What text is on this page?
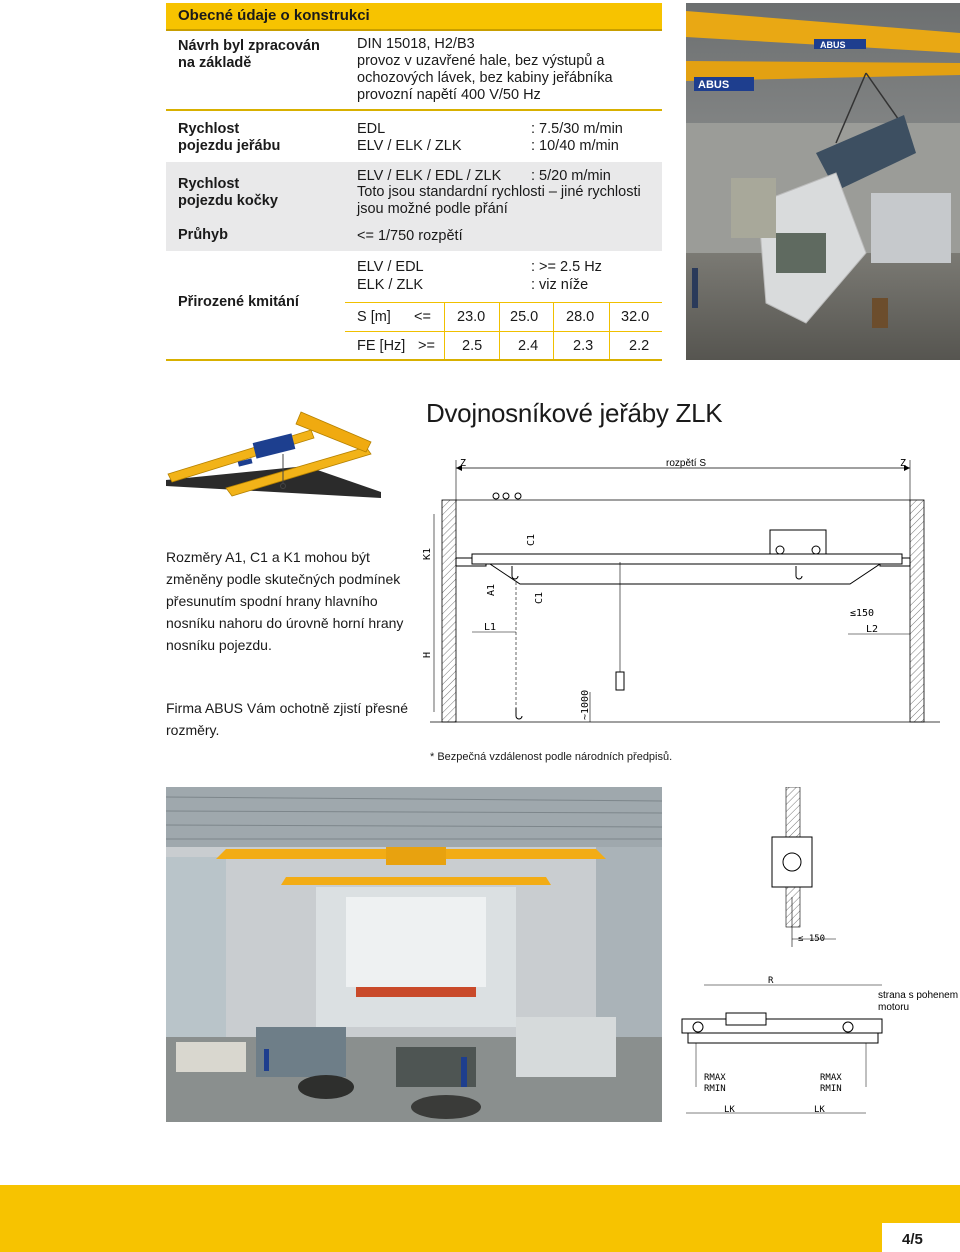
Obecné údaje o konstrukci
Návrh byl zpracován
na základě
DIN 15018, H2/B3
provoz v uzavřené hale, bez výstupů a
ochozových lávek, bez kabiny jeřábníka
provozní napětí 400 V/50 Hz
Rychlost
pojezdu jeřábu
EDL	: 7.5/30 m/min
ELV / ELK / ZLK	: 10/40 m/min
Rychlost
pojezdu kočky
ELV / ELK / EDL / ZLK : 5/20 m/min
Toto jsou standardní rychlosti – jiné rychlosti
jsou možné podle přání
Průhyb	<= 1/750 rozpětí
Přirozené kmitání
ELV / EDL	: >= 2.5 Hz
ELK / ZLK	: viz níže
S [m] <= 23.0 25.0 28.0 32.0
FE [Hz] >= 2.5 2.4 2.3 2.2
ABUS
ABUS
Dvojnosníkové jeřáby ZLK
Z	rozpětí S	Z
K1
C1
A1
C1
L1
≤150
L2
H
~1000
* Bezpečná vzdálenost podle národních předpisů.
Rozměry A1, C1 a K1 mohou být
změněny podle skutečných podmínek
přesunutím spodní hrany hlavního
nosníku nahoru do úrovně horní hrany
nosníku pojezdu.
Firma ABUS Vám ochotně zjistí přesné
rozměry.
≤ 150
R
strana s pohenem
motoru
RMAX
RMIN
RMAX
RMIN
LK	LK
4/5
